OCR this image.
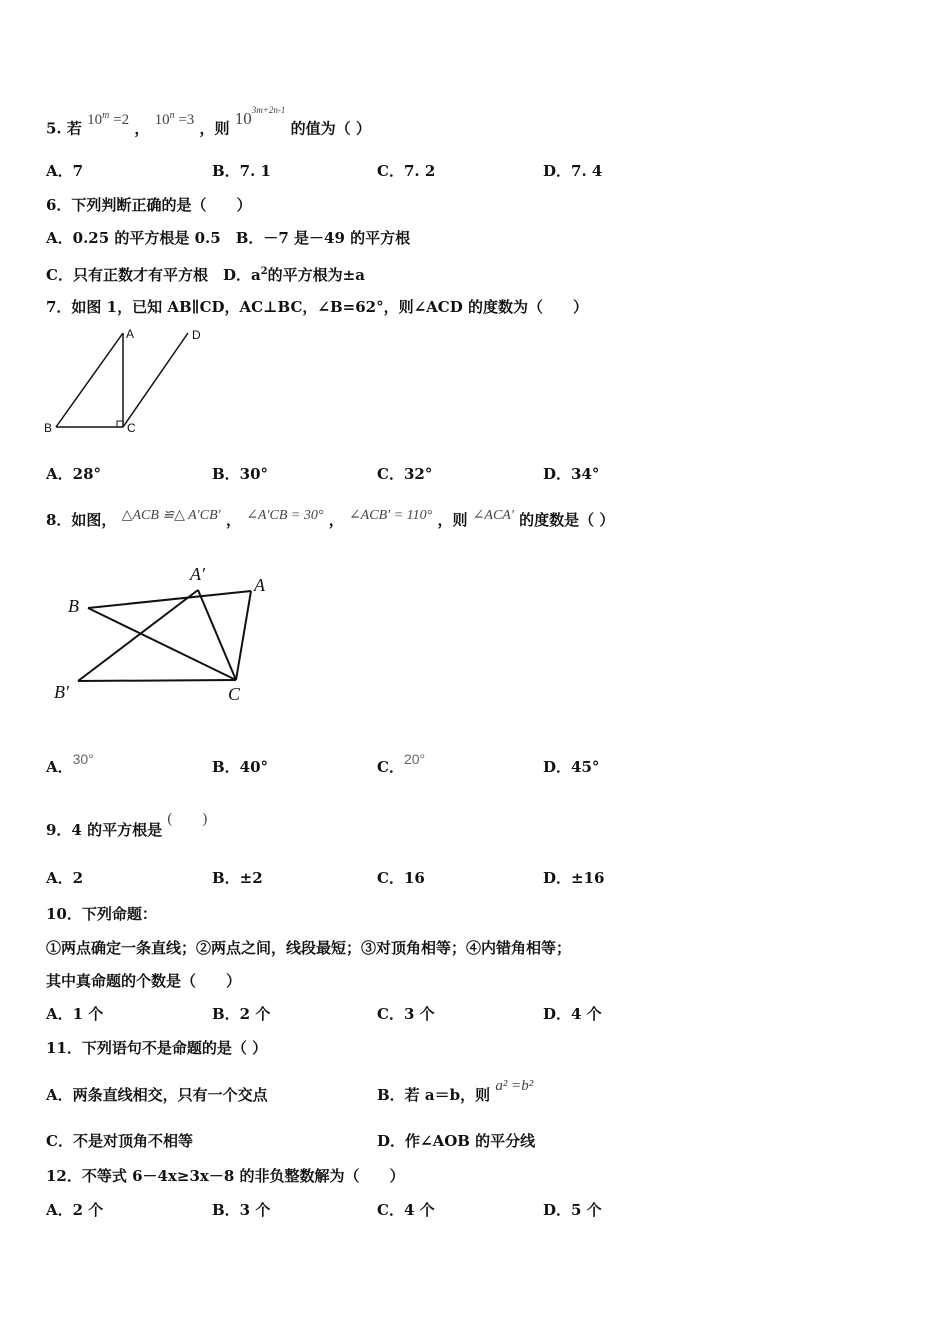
5. 若 $10^m =2$ ， $10^n =3$ ，则 $10^{3m+2n-1}$ 的值为（ ）
A．7	B．7. 1	C．7. 2	D．7. 4
6．下列判断正确的是（　　）
A．0.25 的平方根是 0.5　B．－7 是－49 的平方根
C．只有正数才有平方根　D．$a^2$的平方根为±a
7．如图 1，已知 AB∥CD，AC⊥BC，∠B=62°，则∠ACD 的度数为（　　）
A
B	C
D
A．28°	B．30°	C．32°	D．34°
8．如图， △ACB ≌△ A′CB′ ， ∠A′CB = 30° ， ∠ACB′ = 110° ，则 ∠ACA′ 的度数是（ ）
B
A′
A
B′	C
A．30°	B．40°	C．20°	D．45°
9．4 的平方根是 (　　)
A．2	B．±2	C．16	D．±16
10．下列命题：
①两点确定一条直线；②两点之间，线段最短；③对顶角相等；④内错角相等；
其中真命题的个数是（　　）
A．1 个	B．2 个	C．3 个	D．4 个
11．下列语句不是命题的是（ ）
A．两条直线相交，只有一个交点	B．若 a＝b，则 a² =b²
C．不是对顶角不相等	D．作∠AOB 的平分线
12．不等式 6－4x≥3x－8 的非负整数解为（　　）
A．2 个	B．3 个	C．4 个	D．5 个
